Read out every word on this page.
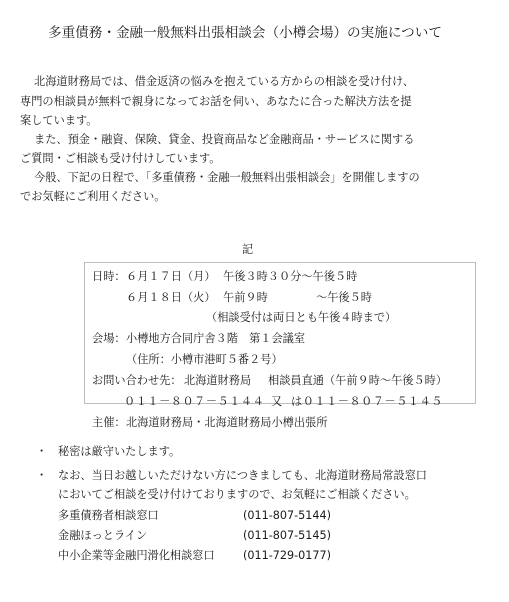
多重債務・金融一般無料出張相談会（小樽会場）の実施について
北海道財務局では、借金返済の悩みを抱えている方からの相談を受け付け、
専門の相談員が無料で親身になってお話を伺い、あなたに合った解決方法を提
案しています。
また、預金・融資、保険、貸金、投資商品など金融商品・サービスに関する
ご質問・ご相談も受け付けしています。
今般、下記の日程で、「多重債務・金融一般無料出張相談会」を開催しますの
でお気軽にご利用ください。
記
日時： ６月１７日（月） 午後３時３０分～午後５時
６月１８日（火） 午前９時	～午後５時
（相談受付は両日とも午後４時まで）
会場： 小樽地方合同庁舎３階　第１会議室
（住所：小樽市港町５番２号）
お問い合わせ先： 北海道財務局 相談員直通（午前９時～午後５時）
０１１－８０７－５１４４ 又 は０１１－８０７－５１４５
主催： 北海道財務局・北海道財務局小樽出張所
・ 秘密は厳守いたします。
・ なお、当日お越しいただけない方につきましても、北海道財務局常設窓口
においてご相談を受け付けておりますので、お気軽にご相談ください。
多重債務者相談窓口	(011-807-5144)
金融ほっとライン	(011-807-5145)
中小企業等金融円滑化相談窓口	(011-729-0177)
